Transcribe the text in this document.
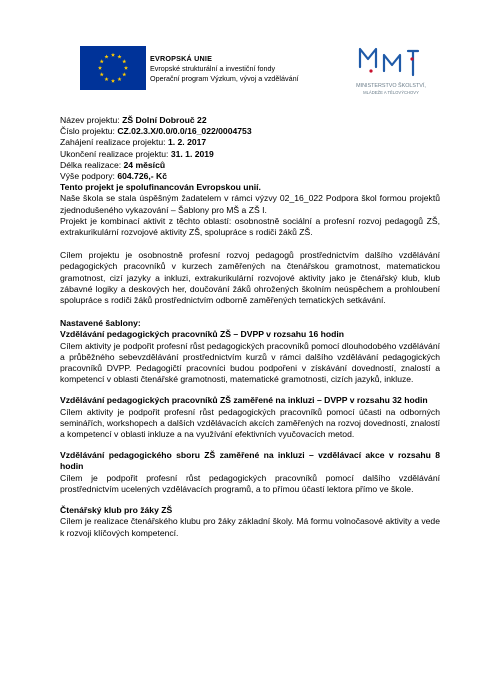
EVROPSKÁ UNIE
Evropské strukturální a investiční fondy
Operační program Výzkum, vývoj a vzdělávání
MINISTERSTVO ŠKOLSTVÍ,
MLÁDEŽE A TĚLOVÝCHOVY

Název projektu: ZŠ Dolní Dobrouč 22

Číslo projektu: CZ.02.3.X/0.0/0.0/16_022/0004753

Zahájení realizace projektu: 1. 2. 2017

Ukončení realizace projektu: 31. 1. 2019

Délka realizace: 24 měsíců

Výše podpory: 604.726,- Kč

Tento projekt je spolufinancován Evropskou unií.

Naše škola se stala úspěšným žadatelem v rámci výzvy 02_16_022 Podpora škol formou projektů zjednodušeného vykazování – Šablony pro MŠ a ZŠ I.

Projekt je kombinací aktivit z těchto oblastí: osobnostně sociální a profesní rozvoj pedagogů ZŠ, extrakurikulární rozvojové aktivity ZŠ, spolupráce s rodiči žáků ZŠ.

Cílem projektu je osobnostně profesní rozvoj pedagogů prostřednictvím dalšího vzdělávání pedagogických pracovníků v kurzech zaměřených na čtenářskou gramotnost, matematickou gramotnost, cizí jazyky a inkluzi, extrakurikulární rozvojové aktivity jako je čtenářský klub, klub zábavné logiky a deskových her, doučování žáků ohrožených školním neúspěchem a prohloubení spolupráce s rodiči žáků prostřednictvím odborně zaměřených tematických setkávání.

Nastavené šablony:

Vzdělávání pedagogických pracovníků ZŠ – DVPP v rozsahu 16 hodin

Cílem aktivity je podpořit profesní růst pedagogických pracovníků pomocí dlouhodobého vzdělávání a průběžného sebevzdělávání prostřednictvím kurzů v rámci dalšího vzdělávání pedagogických pracovníků DVPP. Pedagogičtí pracovníci budou podpořeni v získávání dovedností, znalostí a kompetencí v oblasti čtenářské gramotnosti, matematické gramotnosti, cizích jazyků, inkluze.

Vzdělávání pedagogických pracovníků ZŠ zaměřené na inkluzi – DVPP v rozsahu 32 hodin

Cílem aktivity je podpořit profesní růst pedagogických pracovníků pomocí účasti na odborných seminářích, workshopech a dalších vzdělávacích akcích zaměřených na rozvoj dovedností, znalostí a kompetencí v oblasti inkluze a na využívání efektivních vyučovacích metod.

Vzdělávání pedagogického sboru ZŠ zaměřené na inkluzi – vzdělávací akce v rozsahu 8 hodin

Cílem je podpořit profesní růst pedagogických pracovníků pomocí dalšího vzdělávání prostřednictvím ucelených vzdělávacích programů, a to přímou účastí lektora přímo ve škole.

Čtenářský klub pro žáky ZŠ

Cílem je realizace čtenářského klubu pro žáky základní školy. Má formu volnočasové aktivity a vede k rozvoji klíčových kompetencí.
